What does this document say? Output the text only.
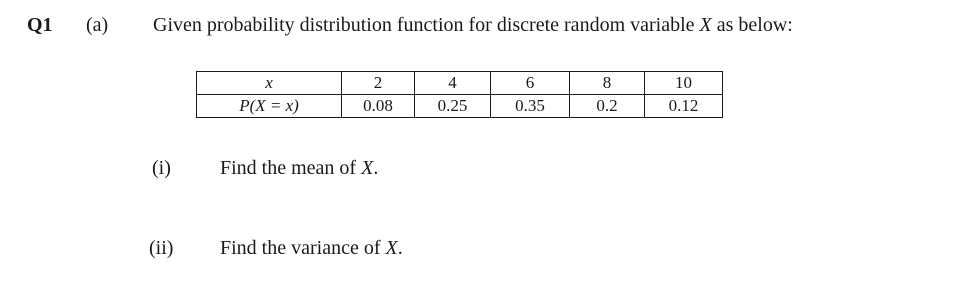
Q1 (a) Given probability distribution function for discrete random variable X as below:
x	2	4	6	8	10
P(X = x)	0.08	0.25	0.35	0.2	0.12
(i) Find the mean of X.
(ii) Find the variance of X.
